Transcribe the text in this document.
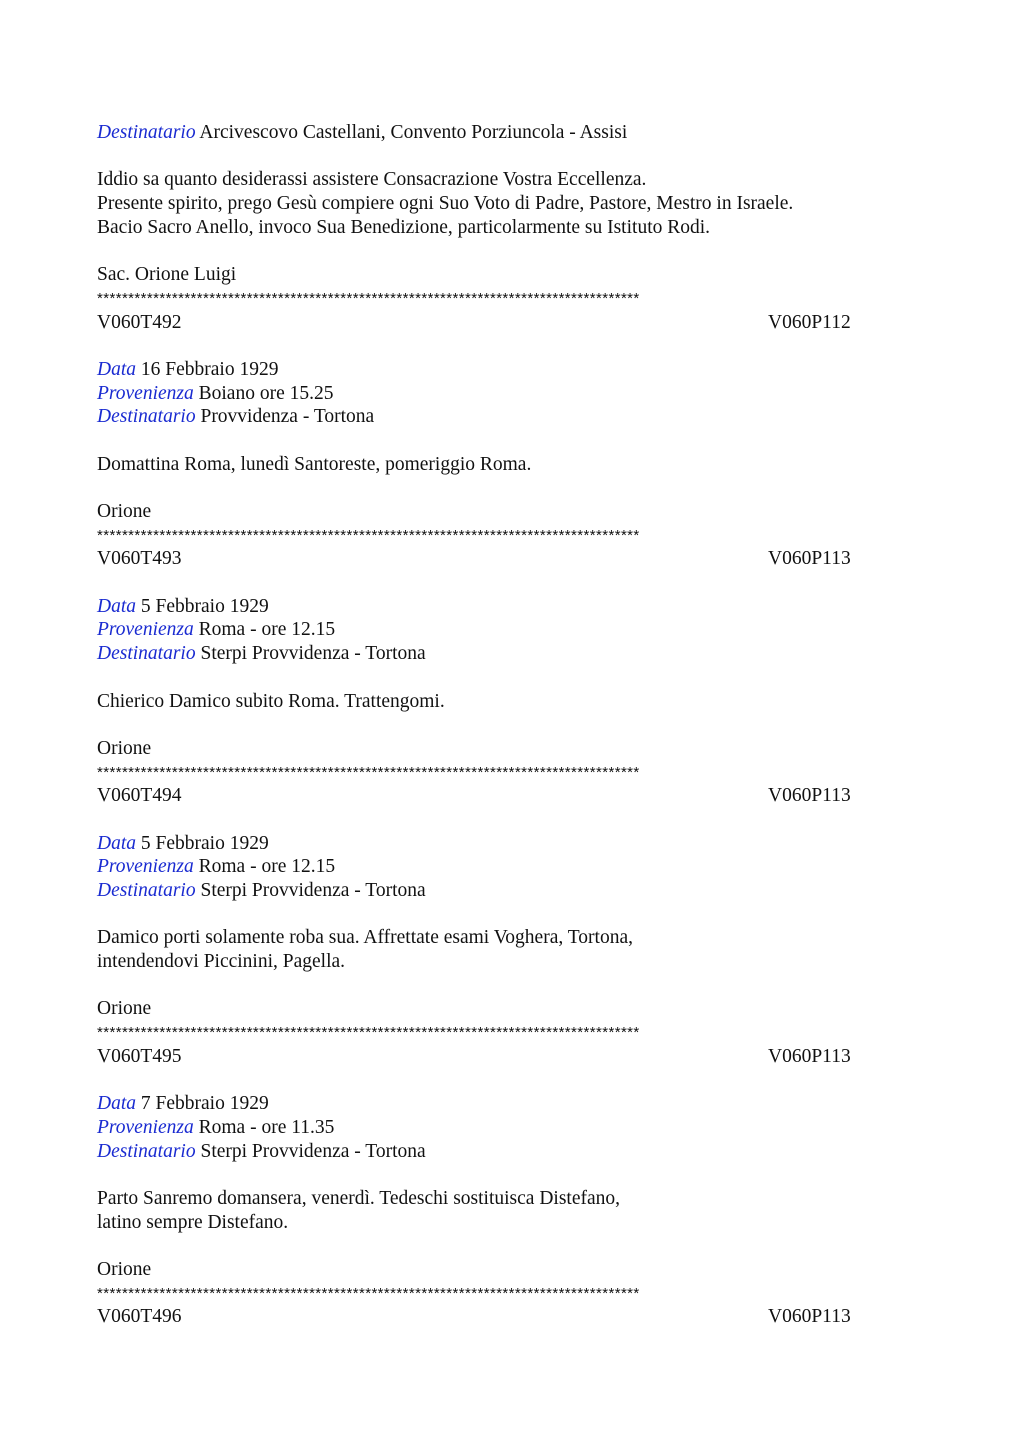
Destinatario Arcivescovo Castellani, Convento Porziuncola - Assisi
Iddio sa quanto desiderassi assistere Consacrazione Vostra Eccellenza.
Presente spirito, prego Gesù compiere ogni Suo Voto di Padre, Pastore, Mestro in Israele.
Bacio Sacro Anello, invoco Sua Benedizione, particolarmente su Istituto Rodi.
Sac. Orione Luigi
***************************************************************************************
V060T492	V060P112
Data 16 Febbraio 1929
Provenienza Boiano ore 15.25
Destinatario Provvidenza - Tortona
Domattina Roma, lunedì Santoreste, pomeriggio Roma.
Orione
***************************************************************************************
V060T493	V060P113
Data 5 Febbraio 1929
Provenienza Roma - ore 12.15
Destinatario Sterpi Provvidenza - Tortona
Chierico Damico subito Roma. Trattengomi.
Orione
***************************************************************************************
V060T494	V060P113
Data 5 Febbraio 1929
Provenienza Roma - ore 12.15
Destinatario Sterpi Provvidenza - Tortona
Damico porti solamente roba sua. Affrettate esami Voghera, Tortona,
intendendovi Piccinini, Pagella.
Orione
***************************************************************************************
V060T495	V060P113
Data 7 Febbraio 1929
Provenienza Roma - ore 11.35
Destinatario Sterpi Provvidenza - Tortona
Parto Sanremo domansera, venerdì. Tedeschi sostituisca Distefano,
latino sempre Distefano.
Orione
***************************************************************************************
V060T496	V060P113
